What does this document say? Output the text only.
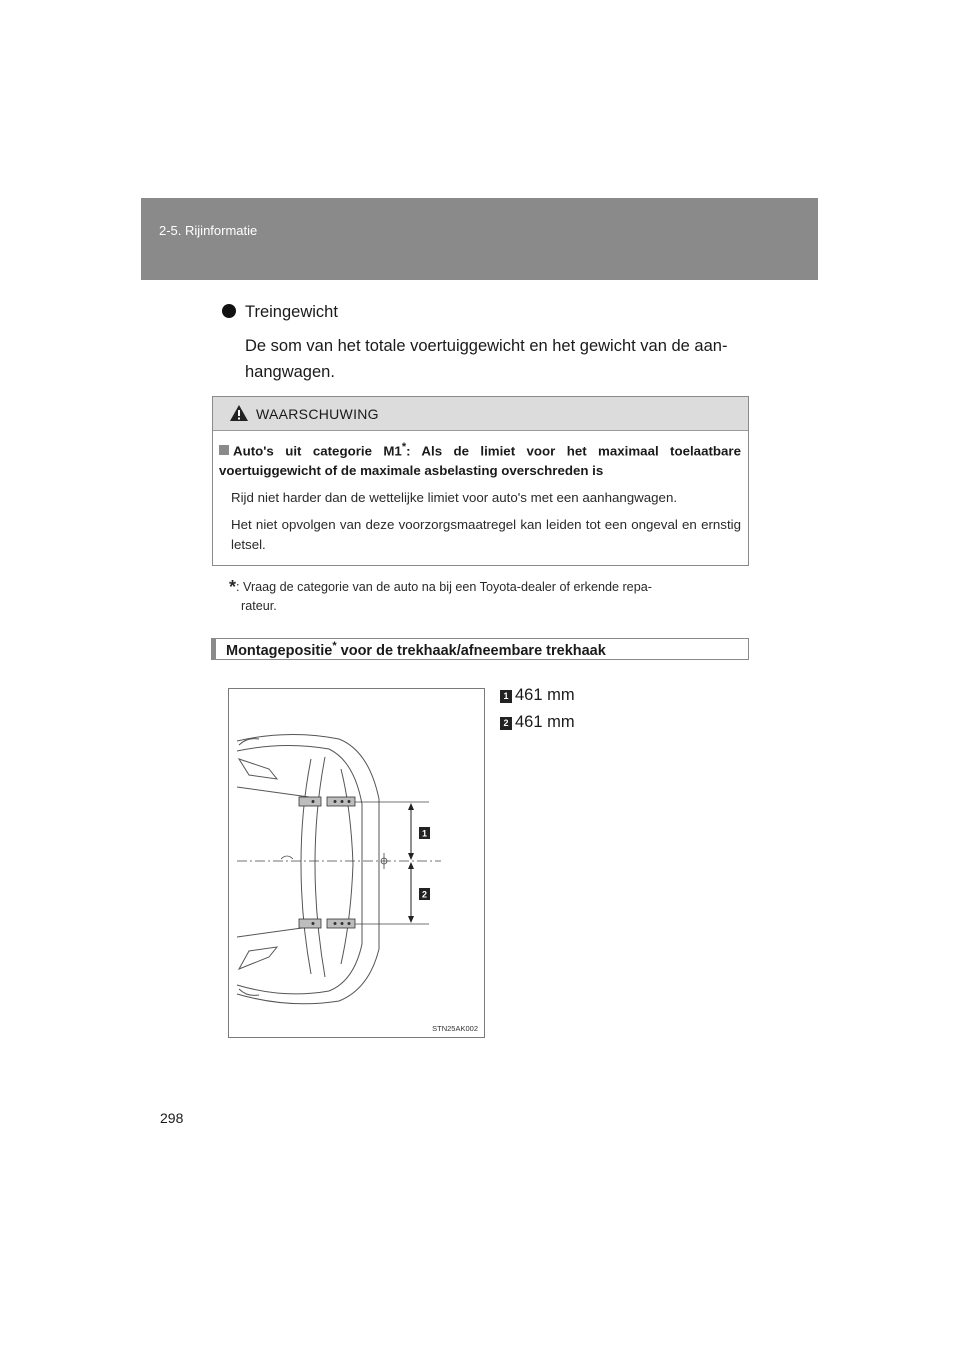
2-5. Rijinformatie
Treingewicht
De som van het totale voertuiggewicht en het gewicht van de aan-hangwagen.
WAARSCHUWING
Auto's uit categorie M1*: Als de limiet voor het maximaal toelaatbare voertuiggewicht of de maximale asbelasting overschreden is
Rijd niet harder dan de wettelijke limiet voor auto's met een aanhangwagen.
Het niet opvolgen van deze voorzorgsmaatregel kan leiden tot een ongeval en ernstig letsel.
*: Vraag de categorie van de auto na bij een Toyota-dealer of erkende repa-
rateur.
Montagepositie* voor de trekhaak/afneembare trekhaak
1
2
STN25AK002
1 461 mm
2 461 mm
298
